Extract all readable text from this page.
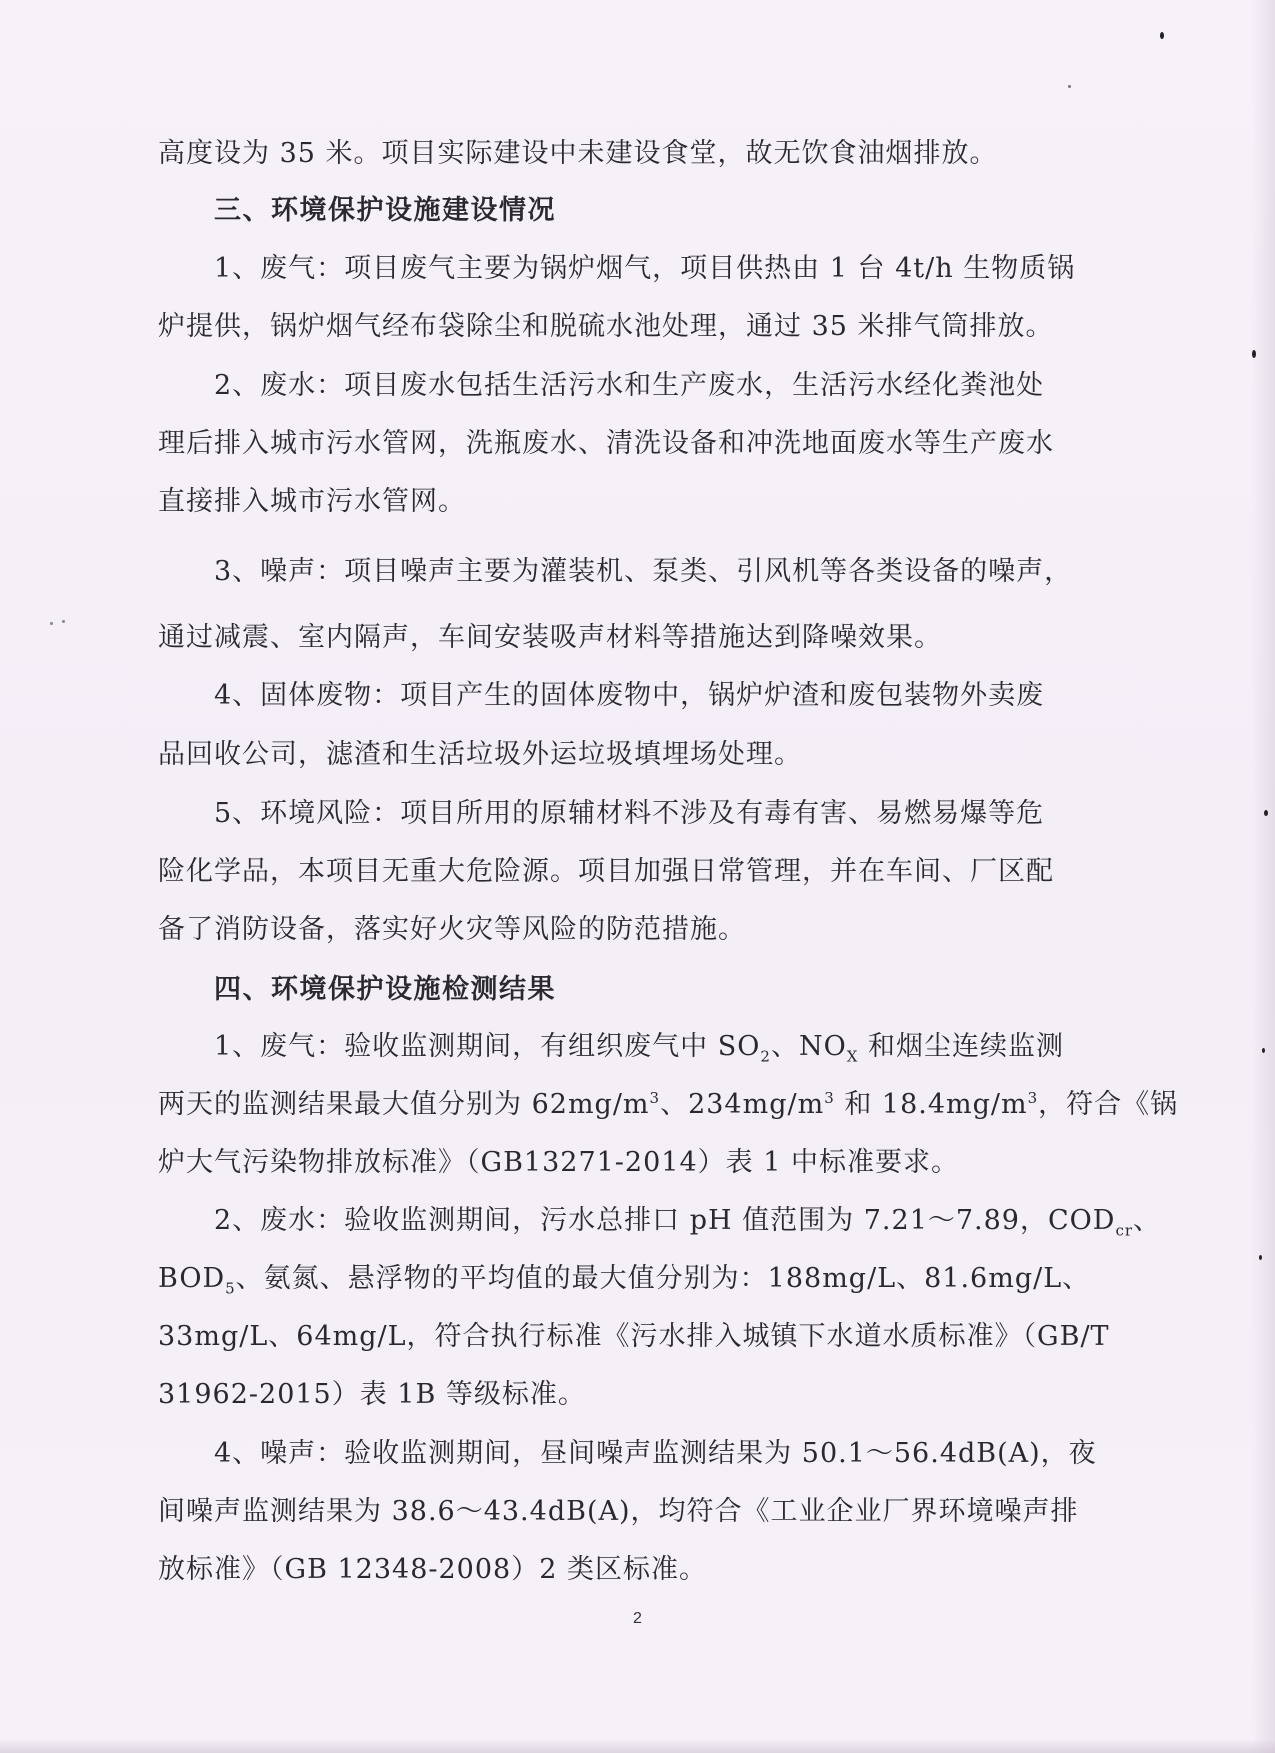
高度设为 35 米。项目实际建设中未建设食堂，故无饮食油烟排放。
三、环境保护设施建设情况
1、废气：项目废气主要为锅炉烟气，项目供热由 1 台 4t/h 生物质锅
炉提供，锅炉烟气经布袋除尘和脱硫水池处理，通过 35 米排气筒排放。
2、废水：项目废水包括生活污水和生产废水，生活污水经化粪池处
理后排入城市污水管网，洗瓶废水、清洗设备和冲洗地面废水等生产废水
直接排入城市污水管网。
3、噪声：项目噪声主要为灌装机、泵类、引风机等各类设备的噪声，
通过减震、室内隔声，车间安装吸声材料等措施达到降噪效果。
4、固体废物：项目产生的固体废物中，锅炉炉渣和废包装物外卖废
品回收公司，滤渣和生活垃圾外运垃圾填埋场处理。
5、环境风险：项目所用的原辅材料不涉及有毒有害、易燃易爆等危
险化学品，本项目无重大危险源。项目加强日常管理，并在车间、厂区配
备了消防设备，落实好火灾等风险的防范措施。
四、环境保护设施检测结果
1、废气：验收监测期间，有组织废气中 $SO_2$、$NO_X$ 和烟尘连续监测
两天的监测结果最大值分别为 $62mg/m^3$、$234mg/m^3$ 和 $18.4mg/m^3$，符合《锅
炉大气污染物排放标准》（GB13271-2014）表 1 中标准要求。
2、废水：验收监测期间，污水总排口 pH 值范围为 7.21～7.89，$COD_{cr}$、
$BOD_5$、氨氮、悬浮物的平均值的最大值分别为：188mg/L、81.6mg/L、
33mg/L、64mg/L，符合执行标准《污水排入城镇下水道水质标准》（GB/T
31962-2015）表 1B 等级标准。
4、噪声：验收监测期间，昼间噪声监测结果为 50.1～56.4dB(A)，夜
间噪声监测结果为 38.6～43.4dB(A)，均符合《工业企业厂界环境噪声排
放标准》（GB 12348-2008）2 类区标准。
2
